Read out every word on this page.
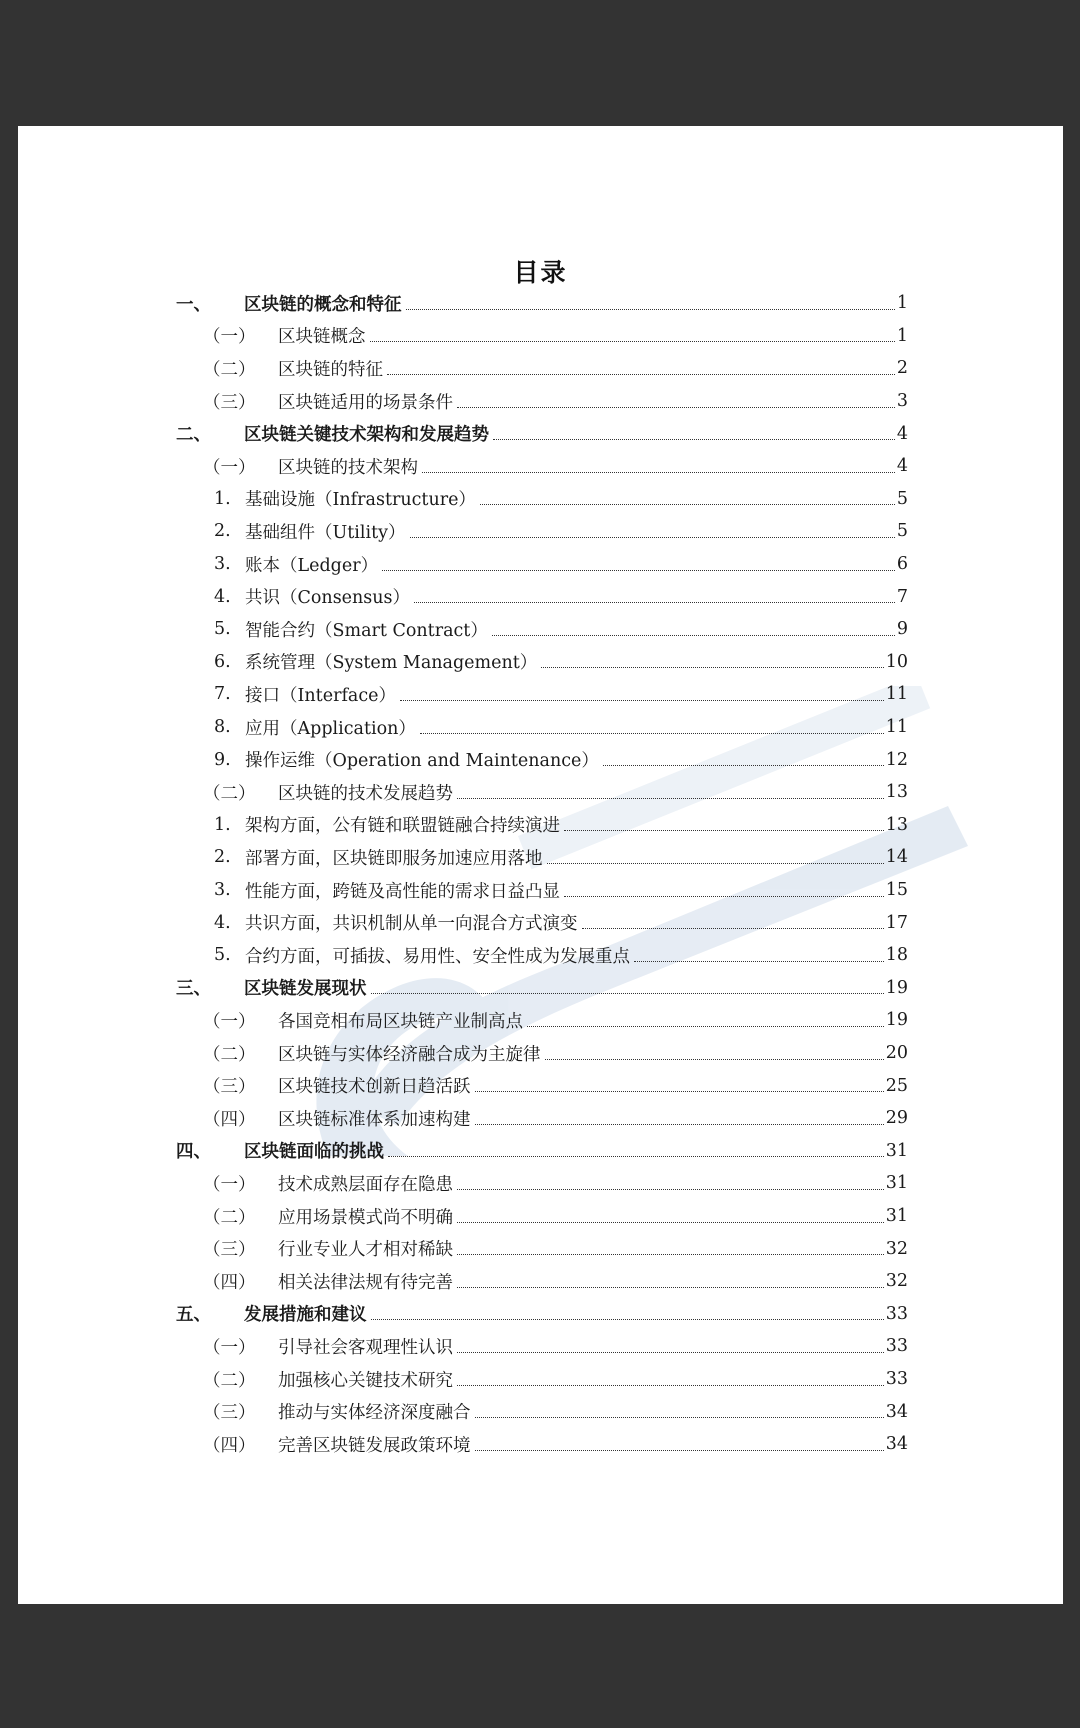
目录
一、	区块链的概念和特征	1
（一）	区块链概念	1
（二）	区块链的特征	2
（三）	区块链适用的场景条件	3
二、	区块链关键技术架构和发展趋势	4
（一）	区块链的技术架构	4
1. 基础设施（Infrastructure）	5
2. 基础组件（Utility）	5
3. 账本（Ledger）	6
4. 共识（Consensus）	7
5. 智能合约（Smart Contract）	9
6. 系统管理（System Management）	10
7. 接口（Interface）	11
8. 应用（Application）	11
9. 操作运维（Operation and Maintenance）	12
（二）	区块链的技术发展趋势	13
1. 架构方面，公有链和联盟链融合持续演进	13
2. 部署方面，区块链即服务加速应用落地	14
3. 性能方面，跨链及高性能的需求日益凸显	15
4. 共识方面，共识机制从单一向混合方式演变	17
5. 合约方面，可插拔、易用性、安全性成为发展重点	18
三、	区块链发展现状	19
（一）	各国竞相布局区块链产业制高点	19
（二）	区块链与实体经济融合成为主旋律	20
（三）	区块链技术创新日趋活跃	25
（四）	区块链标准体系加速构建	29
四、	区块链面临的挑战	31
（一）	技术成熟层面存在隐患	31
（二）	应用场景模式尚不明确	31
（三）	行业专业人才相对稀缺	32
（四）	相关法律法规有待完善	32
五、	发展措施和建议	33
（一）	引导社会客观理性认识	33
（二）	加强核心关键技术研究	33
（三）	推动与实体经济深度融合	34
（四）	完善区块链发展政策环境	34
